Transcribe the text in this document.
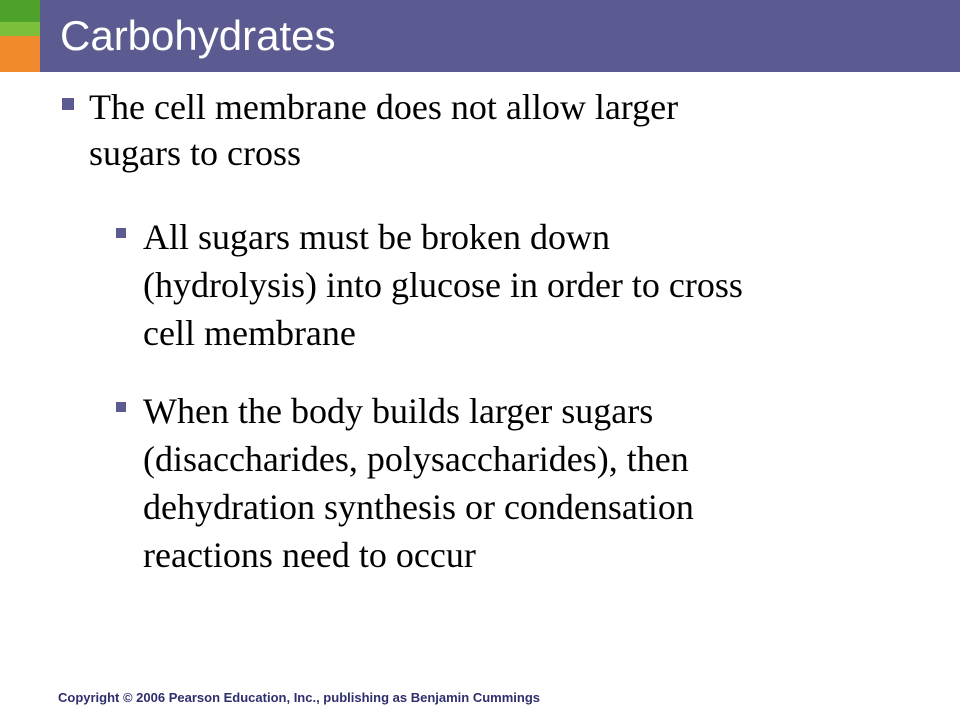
Carbohydrates
The cell membrane does not allow larger
sugars to cross
All sugars must be broken down
(hydrolysis) into glucose in order to cross
cell membrane
When the body builds larger sugars
(disaccharides, polysaccharides), then
dehydration synthesis or condensation
reactions need to occur
Copyright © 2006 Pearson Education, Inc., publishing as Benjamin Cummings
